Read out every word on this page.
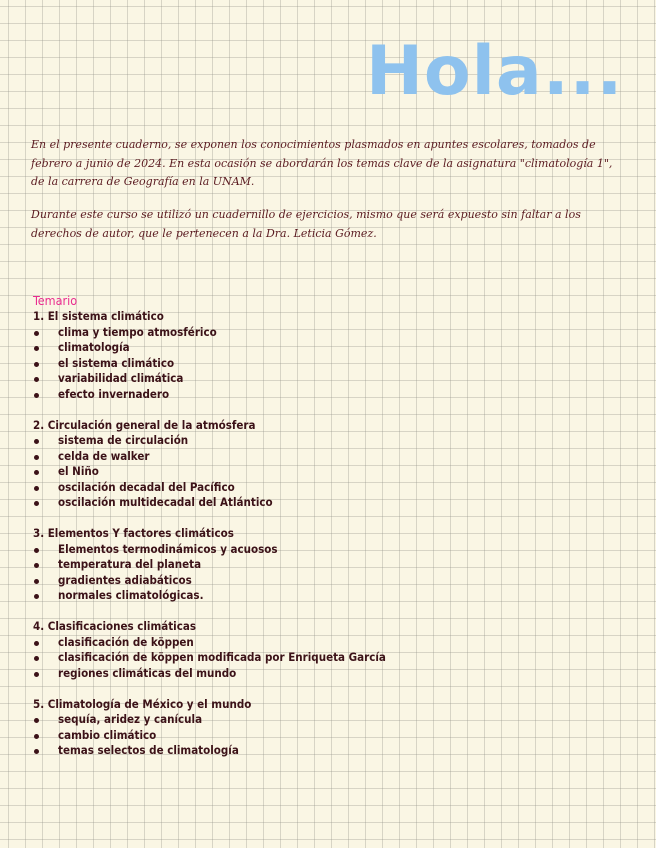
Hola...

En el presente cuaderno, se exponen los conocimientos plasmados en apuntes escolares, tomados de febrero a junio de 2024. En esta ocasión se abordarán los temas clave de la asignatura "climatología 1", de la carrera de Geografía en la UNAM.

Durante este curso se utilizó un cuadernillo de ejercicios, mismo que será expuesto sin faltar a los derechos de autor, que le pertenecen a la Dra. Leticia Gómez.

Temario
1. El sistema climático
clima y tiempo atmosférico
climatología
el sistema climático
variabilidad climática
efecto invernadero
2. Circulación general de la atmósfera
sistema de circulación
celda de walker
el Niño
oscilación decadal del Pacífico
oscilación multidecadal del Atlántico
3. Elementos Y factores climáticos
Elementos termodinámicos y acuosos
temperatura del planeta
gradientes adiabáticos
normales climatológicas.
4. Clasificaciones climáticas
clasificación de köppen
clasificación de köppen modificada por Enriqueta García
regiones climáticas del mundo
5. Climatología de México y el mundo
sequía, aridez y canícula
cambio climático
temas selectos de climatología
